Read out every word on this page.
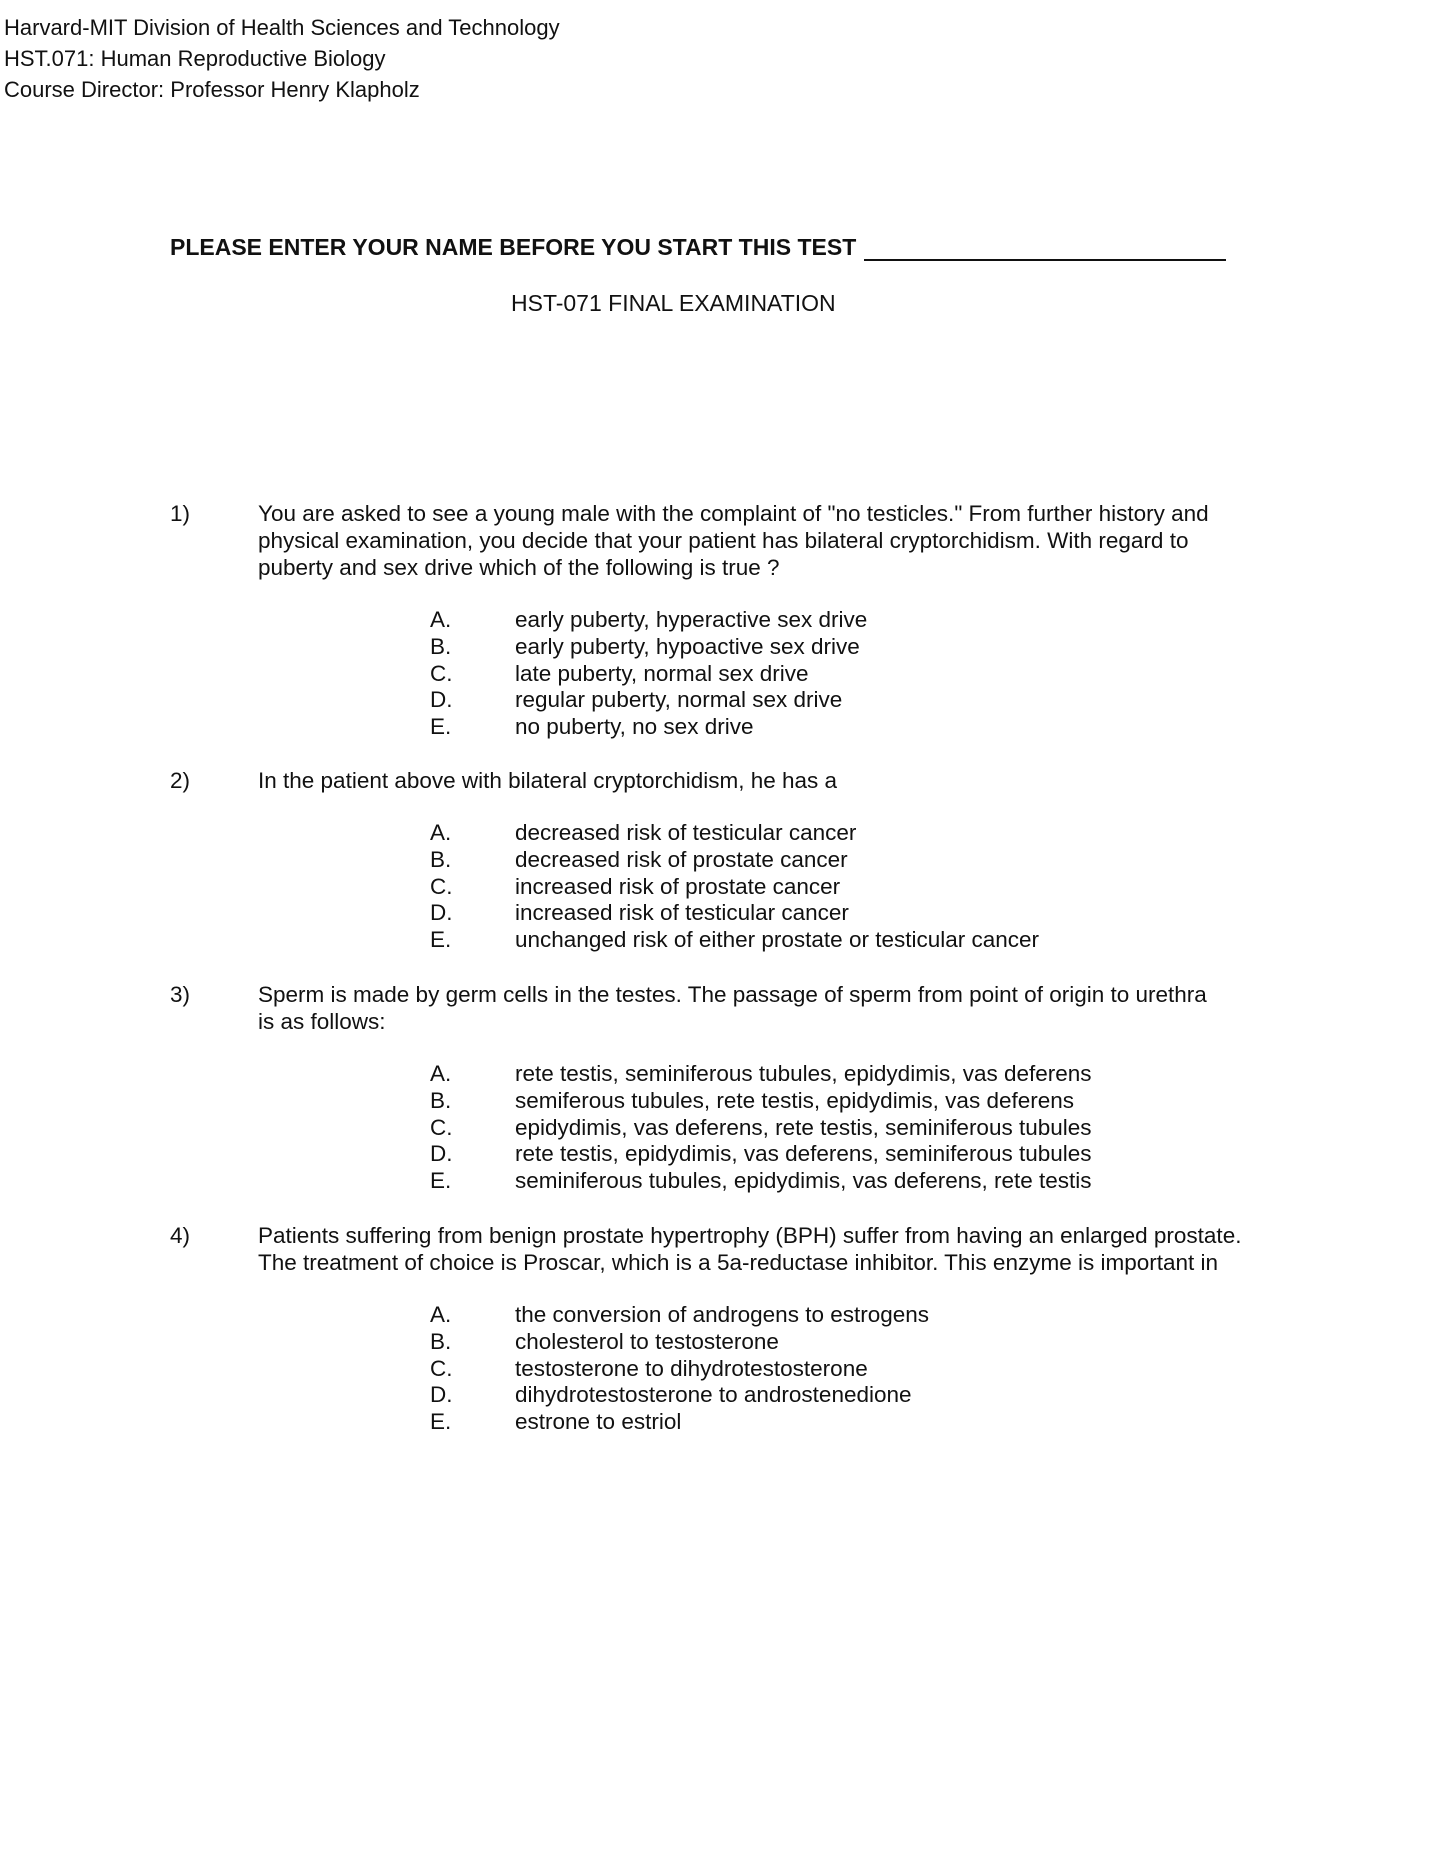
Harvard-MIT Division of Health Sciences and Technology
HST.071: Human Reproductive Biology
Course Director: Professor Henry Klapholz
PLEASE ENTER YOUR NAME BEFORE YOU START THIS TEST
HST-071 FINAL EXAMINATION
1)	You are asked to see a young male with the complaint of "no testicles." From further history and
physical examination, you decide that your patient has bilateral cryptorchidism. With regard to
puberty and sex drive which of the following is true ?
A.	early puberty, hyperactive sex drive
B.	early puberty, hypoactive sex drive
C.	late puberty, normal sex drive
D.	regular puberty, normal sex drive
E.	no puberty, no sex drive
2)	In the patient above with bilateral cryptorchidism, he has a
A.	decreased risk of testicular cancer
B.	decreased risk of prostate cancer
C.	increased risk of prostate cancer
D.	increased risk of testicular cancer
E.	unchanged risk of either prostate or testicular cancer
3)	Sperm is made by germ cells in the testes. The passage of sperm from point of origin to urethra
is as follows:
A.	rete testis, seminiferous tubules, epidydimis, vas deferens
B.	semiferous tubules, rete testis, epidydimis, vas deferens
C.	epidydimis, vas deferens, rete testis, seminiferous tubules
D.	rete testis, epidydimis, vas deferens, seminiferous tubules
E.	seminiferous tubules, epidydimis, vas deferens, rete testis
4)	Patients suffering from benign prostate hypertrophy (BPH) suffer from having an enlarged prostate.
The treatment of choice is Proscar, which is a 5a-reductase inhibitor. This enzyme is important in
A.	the conversion of androgens to estrogens
B.	cholesterol to testosterone
C.	testosterone to dihydrotestosterone
D.	dihydrotestosterone to androstenedione
E.	estrone to estriol
